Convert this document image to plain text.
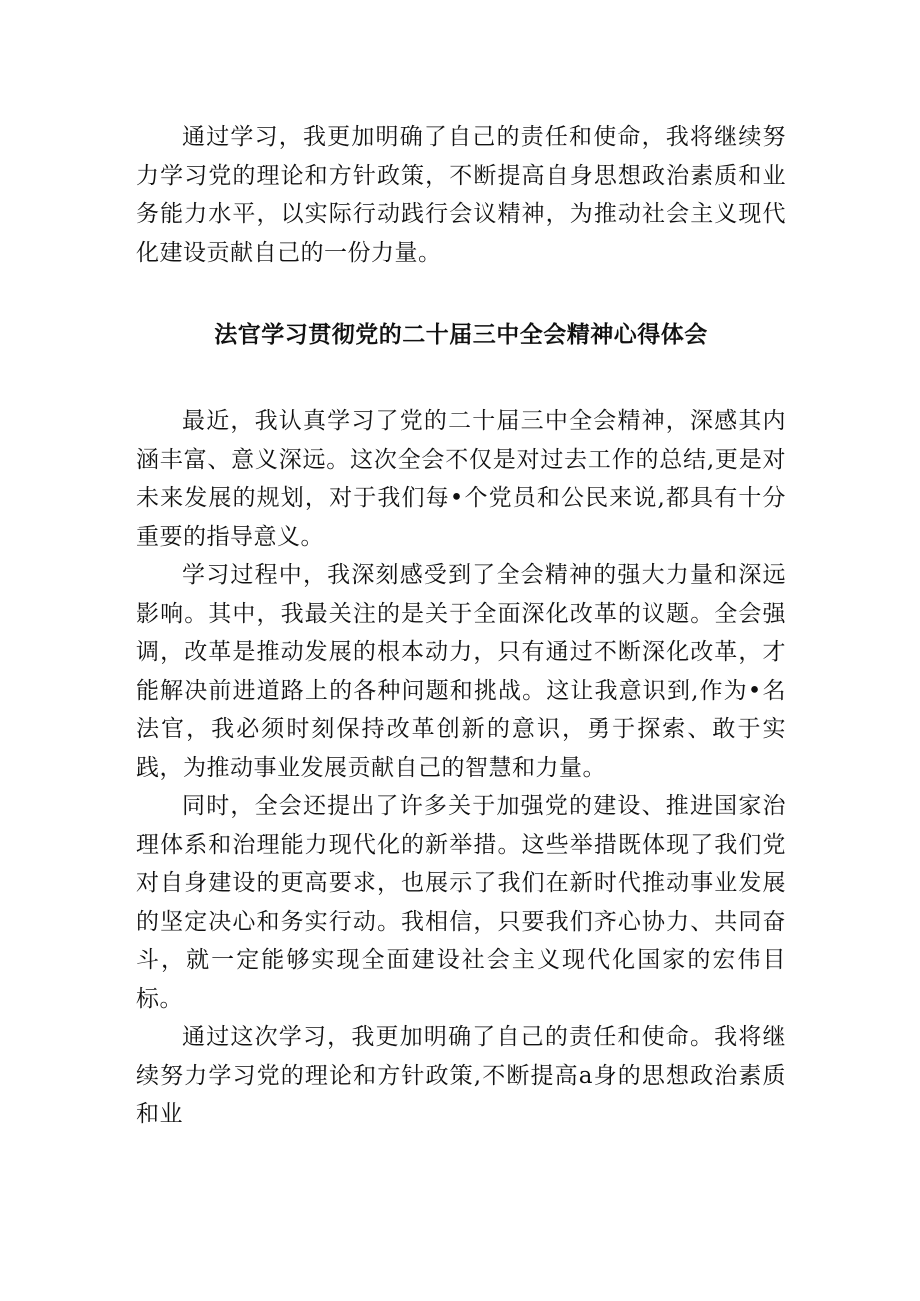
通过学习，我更加明确了自己的责任和使命，我将继续努力学习党的理论和方针政策，不断提高自身思想政治素质和业务能力水平，以实际行动践行会议精神，为推动社会主义现代化建设贡献自己的一份力量。

法官学习贯彻党的二十届三中全会精神心得体会

最近，我认真学习了党的二十届三中全会精神，深感其内涵丰富、意义深远。这次全会不仅是对过去工作的总结,更是对未来发展的规划，对于我们每•个党员和公民来说,都具有十分重要的指导意义。

学习过程中，我深刻感受到了全会精神的强大力量和深远影响。其中，我最关注的是关于全面深化改革的议题。全会强调，改革是推动发展的根本动力，只有通过不断深化改革，才能解决前进道路上的各种问题和挑战。这让我意识到,作为•名法官，我必须时刻保持改革创新的意识，勇于探索、敢于实践，为推动事业发展贡献自己的智慧和力量。

同时，全会还提出了许多关于加强党的建设、推进国家治理体系和治理能力现代化的新举措。这些举措既体现了我们党对自身建设的更高要求，也展示了我们在新时代推动事业发展的坚定决心和务实行动。我相信，只要我们齐心协力、共同奋斗，就一定能够实现全面建设社会主义现代化国家的宏伟目标。

通过这次学习，我更加明确了自己的责任和使命。我将继续努力学习党的理论和方针政策,不断提高a身的思想政治素质和业
